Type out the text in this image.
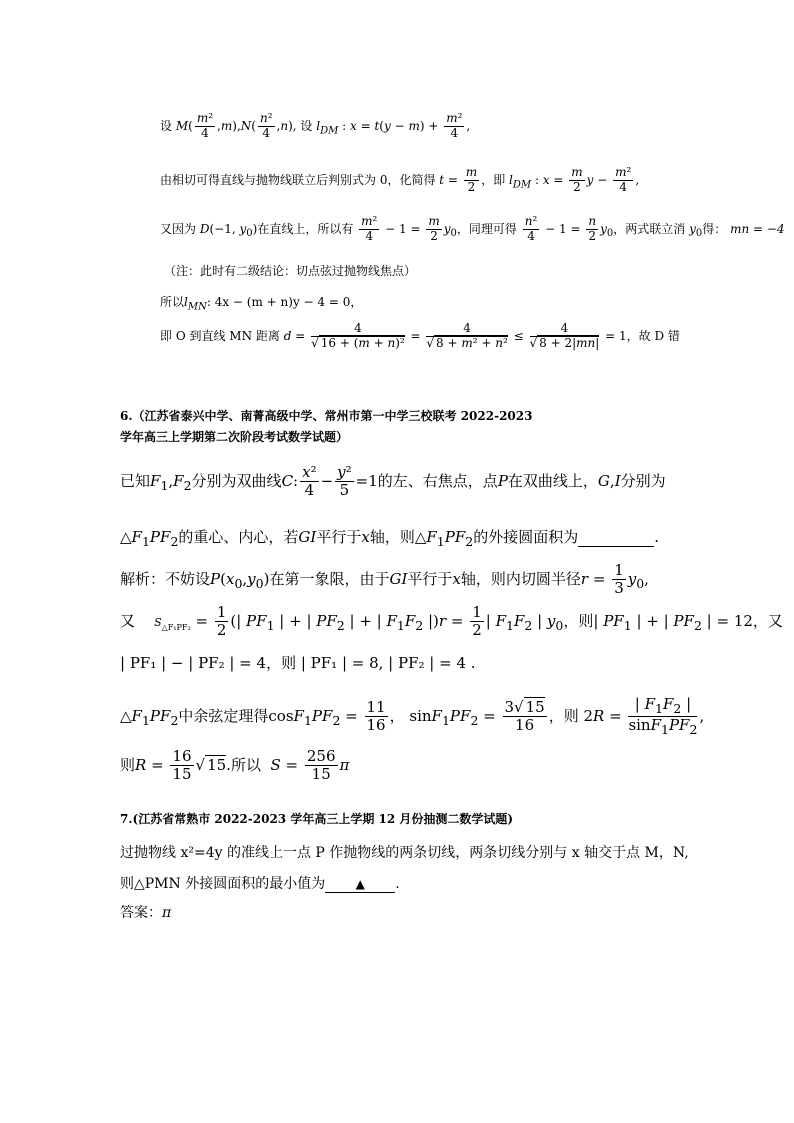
设 $M( \frac{\text{m²}}{4} ,m),N( \frac{\text{n²}}{4} ,n)$, 设 $l_{DM}$ : $x = t(y - m) + \frac{\text{m²}}{4}$ ,
由相切可得直线与抛物线联立后判别式为 0，化简得 $t = \frac{m}{2}$ ，即 $l_{DM}$ : $x = \frac{m}{2}$ $y - \frac{\text{m²}}{4}$ ,
又因为 D(−1, $y_0$)在直线上，所以有 $\frac{\text{m²}}{4} - 1 = \frac{m}{2} y_0$，同理可得 $\frac{\text{n²}}{4} - 1 = \frac{n}{2} y_0$，两式联立消 $y_0$得： mn = −4
（注：此时有二级结论：切点弦过抛物线焦点）
所以$l_{MN}$: 4x − (m + n)y − 4 = 0，
即 O 到直线 MN 距离 $d = \frac{4}{\text{√ 16 + (m + n)²}} = \frac{4}{\text{√ 8 + m² + n²}} \le \frac{4}{√ 8 + 2|mn|} = 1$，故 D 错
6.（江苏省泰兴中学、南菁高级中学、常州市第一中学三校联考 2022-2023
学年高三上学期第二次阶段考试数学试题）
已知$F_1,F_2$分别为双曲线C: $\frac{\text{x²}}{4} - \frac{\text{y²}}{5} =1$的左、右焦点，点P在双曲线上，G,I分别为
$\triangle F_1PF_2$的重心、内心，若GI平行于x轴，则$\triangle F_1PF_2$的外接圆面积为	.
解析：不妨设$P(x_0,y_0)$在第一象限，由于GI平行于x轴，则内切圆半径$r = \frac{1}{3} y_0$,
又 $S_{\triangle F_1PF_2} = \frac{1}{2}$ (| $PF_1$ | + | $PF_2$ | + | $F_1F_2$ $|)r = \frac{1}{2}$ | $F_1F_2$ | $y_0$，则| $PF_1$ | + | $PF_2$ | = 12，又
| PF₁ | − | PF₂ | = 4，则 | PF₁ | = 8, | PF₂ | = 4 .
$\triangle F_1PF_2$中余弦定理得$\cos F_1PF_2 = \frac{11}{16}$ ， $\sin F_1PF_2 = \frac{3√ 15}{16}$ ，则 $2R = \frac{| F_1F_2 |}{\sin F_1PF_2}$ ,
则$R = \frac{16}{15}$ √ 15.所以 $S = \frac{256}{15}$ π
7.(江苏省常熟市 2022-2023 学年高三上学期 12 月份抽测二数学试题)
过抛物线 x²=4y 的准线上一点 P 作抛物线的两条切线，两条切线分别与 x 轴交于点 M，N,
则△PMN 外接圆面积的最小值为	▲ .
答案：π
